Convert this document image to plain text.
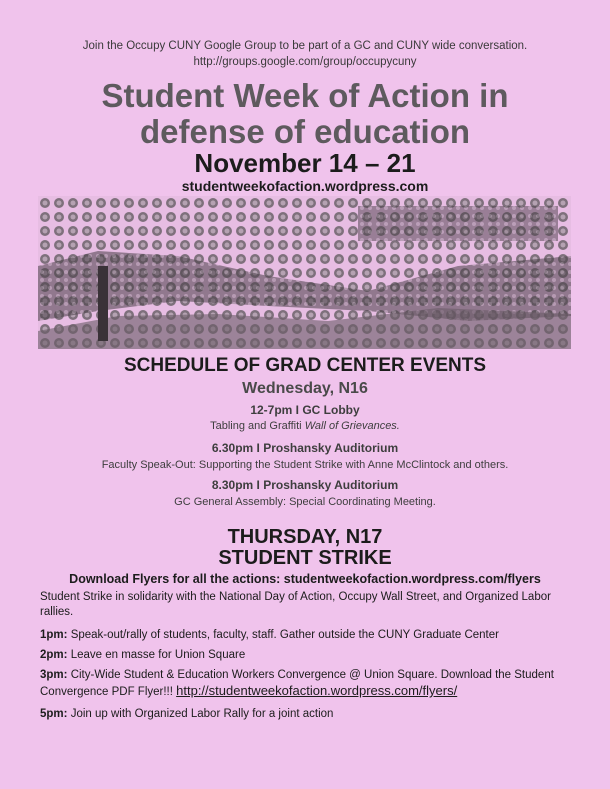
Join the Occupy CUNY Google Group to be part of a GC and CUNY wide conversation.
http://groups.google.com/group/occupycuny
Student Week of Action in
defense of education
November 14 – 21
studentweekofaction.wordpress.com
SCHEDULE OF GRAD CENTER EVENTS
Wednesday, N16
12-7pm I GC Lobby
Tabling and Graffiti Wall of Grievances.
6.30pm I Proshansky Auditorium
Faculty Speak-Out: Supporting the Student Strike with Anne McClintock and others.
8.30pm I Proshansky Auditorium
GC General Assembly: Special Coordinating Meeting.
THURSDAY, N17
STUDENT STRIKE
Download Flyers for all the actions: studentweekofaction.wordpress.com/flyers
Student Strike in solidarity with the National Day of Action, Occupy Wall Street, and Organized Labor rallies.
1pm: Speak-out/rally of students, faculty, staff. Gather outside the CUNY Graduate Center
2pm: Leave en masse for Union Square
3pm: City-Wide Student & Education Workers Convergence @ Union Square. Download the Student Convergence PDF Flyer!!! http://studentweekofaction.wordpress.com/flyers/
5pm: Join up with Organized Labor Rally for a joint action
